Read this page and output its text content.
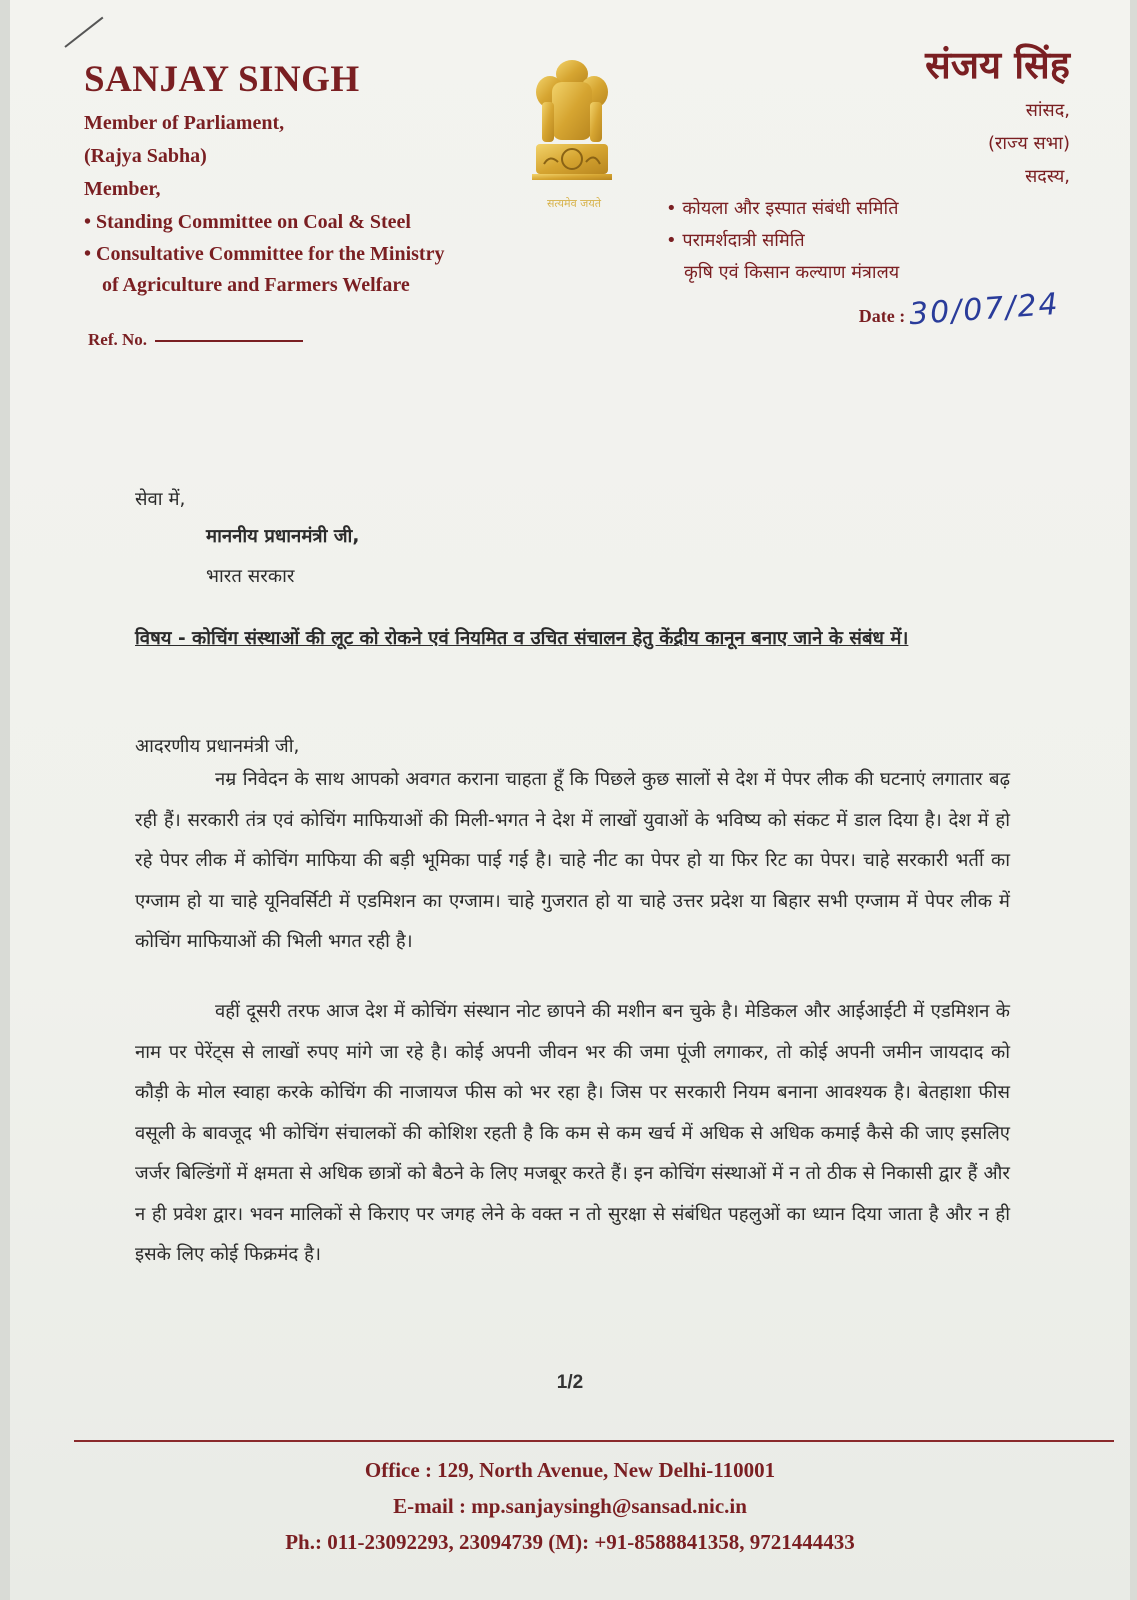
SANJAY SINGH
Member of Parliament,
(Rajya Sabha)
Member,
• Standing Committee on Coal & Steel
• Consultative Committee for the Ministry
of Agriculture and Farmers Welfare
सत्यमेव जयते
संजय सिंह
सांसद,
(राज्य सभा)
सदस्य,
• कोयला और इस्पात संबंधी समिति
• परामर्शदात्री समिति
कृषि एवं किसान कल्याण मंत्रालय
Date : 30/07/24
Ref. No.
सेवा में,
माननीय प्रधानमंत्री जी,
भारत सरकार
विषय - कोचिंग संस्थाओं की लूट को रोकने एवं नियमित व उचित संचालन हेतु केंद्रीय कानून बनाए जाने के संबंध में।
आदरणीय प्रधानमंत्री जी,
नम्र निवेदन के साथ आपको अवगत कराना चाहता हूँ कि पिछले कुछ सालों से देश में पेपर लीक की घटनाएं लगातार बढ़ रही हैं। सरकारी तंत्र एवं कोचिंग माफियाओं की मिली-भगत ने देश में लाखों युवाओं के भविष्य को संकट में डाल दिया है। देश में हो रहे पेपर लीक में कोचिंग माफिया की बड़ी भूमिका पाई गई है। चाहे नीट का पेपर हो या फिर रिट का पेपर। चाहे सरकारी भर्ती का एग्जाम हो या चाहे यूनिवर्सिटी में एडमिशन का एग्जाम। चाहे गुजरात हो या चाहे उत्तर प्रदेश या बिहार सभी एग्जाम में पेपर लीक में कोचिंग माफियाओं की भिली भगत रही है।
वहीं दूसरी तरफ आज देश में कोचिंग संस्थान नोट छापने की मशीन बन चुके है। मेडिकल और आईआईटी में एडमिशन के नाम पर पेरेंट्स से लाखों रुपए मांगे जा रहे है। कोई अपनी जीवन भर की जमा पूंजी लगाकर, तो कोई अपनी जमीन जायदाद को कौड़ी के मोल स्वाहा करके कोचिंग की नाजायज फीस को भर रहा है। जिस पर सरकारी नियम बनाना आवश्यक है। बेतहाशा फीस वसूली के बावजूद भी कोचिंग संचालकों की कोशिश रहती है कि कम से कम खर्च में अधिक से अधिक कमाई कैसे की जाए इसलिए जर्जर बिल्डिंगों में क्षमता से अधिक छात्रों को बैठने के लिए मजबूर करते हैं। इन कोचिंग संस्थाओं में न तो ठीक से निकासी द्वार हैं और न ही प्रवेश द्वार। भवन मालिकों से किराए पर जगह लेने के वक्त न तो सुरक्षा से संबंधित पहलुओं का ध्यान दिया जाता है और न ही इसके लिए कोई फिक्रमंद है।
1/2
Office : 129, North Avenue, New Delhi-110001
E-mail : mp.sanjaysingh@sansad.nic.in
Ph.: 011-23092293, 23094739 (M): +91-8588841358, 9721444433
